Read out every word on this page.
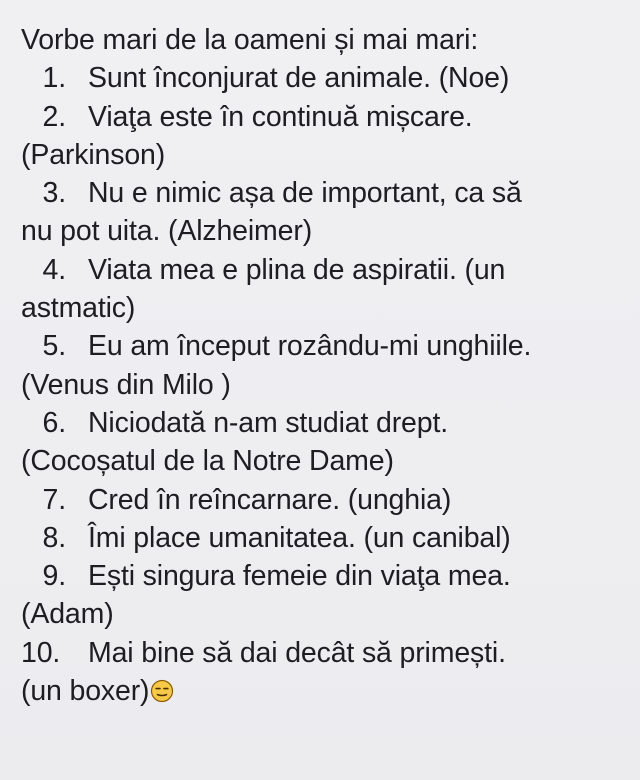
Vorbe mari de la oameni și mai mari:
1. Sunt înconjurat de animale. (Noe)
2. Viaţa este în continuă mișcare.
(Parkinson)
3. Nu e nimic așa de important, ca să
nu pot uita. (Alzheimer)
4. Viata mea e plina de aspiratii. (un
astmatic)
5. Eu am început rozându-mi unghiile.
(Venus din Milo )
6. Niciodată n-am studiat drept.
(Cocoșatul de la Notre Dame)
7. Cred în reîncarnare. (unghia)
8. Îmi place umanitatea. (un canibal)
9. Ești singura femeie din viaţa mea.
(Adam)
10. Mai bine să dai decât să primești.
(un boxer)
